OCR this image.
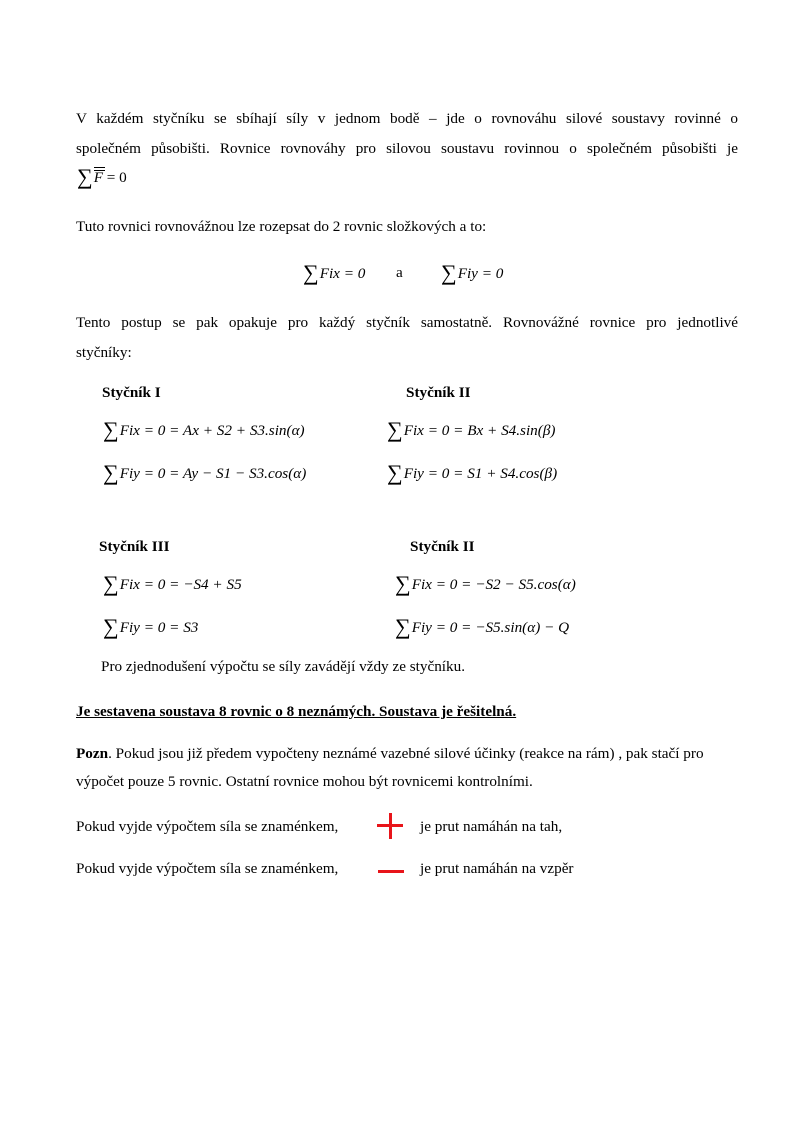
V každém styčníku se sbíhají síly v jednom bodě – jde o rovnováhu silové soustavy rovinné o
společném působišti. Rovnice rovnováhy pro silovou soustavu rovinnou o společném působišti je
∑F = 0
Tuto rovnici rovnovážnou lze rozepsat do 2 rovnic složkových a to:
∑Fix = 0 a ∑Fiy = 0
Tento postup se pak opakuje pro každý styčník samostatně. Rovnovážné rovnice pro jednotlivé
styčníky:
Styčník I
∑Fix = 0 = Ax + S2 + S3.sin(α)
∑Fiy = 0 = Ay − S1 − S3.cos(α)
Styčník II
∑Fix = 0 = Bx + S4.sin(β)
∑Fiy = 0 = S1 + S4.cos(β)
Styčník III
∑Fix = 0 = −S4 + S5
∑Fiy = 0 = S3
Styčník II
∑Fix = 0 = −S2 − S5.cos(α)
∑Fiy = 0 = −S5.sin(α) − Q
Pro zjednodušení výpočtu se síly zavádějí vždy ze styčníku.
Je sestavena soustava 8 rovnic o 8 neznámých. Soustava je řešitelná.
Pozn. Pokud jsou již předem vypočteny neznámé vazebné silové účinky (reakce na rám) , pak stačí pro
výpočet pouze 5 rovnic. Ostatní rovnice mohou být rovnicemi kontrolními.
Pokud vyjde výpočtem síla se znaménkem,	je prut namáhán na tah,
Pokud vyjde výpočtem síla se znaménkem,	je prut namáhán na vzpěr
